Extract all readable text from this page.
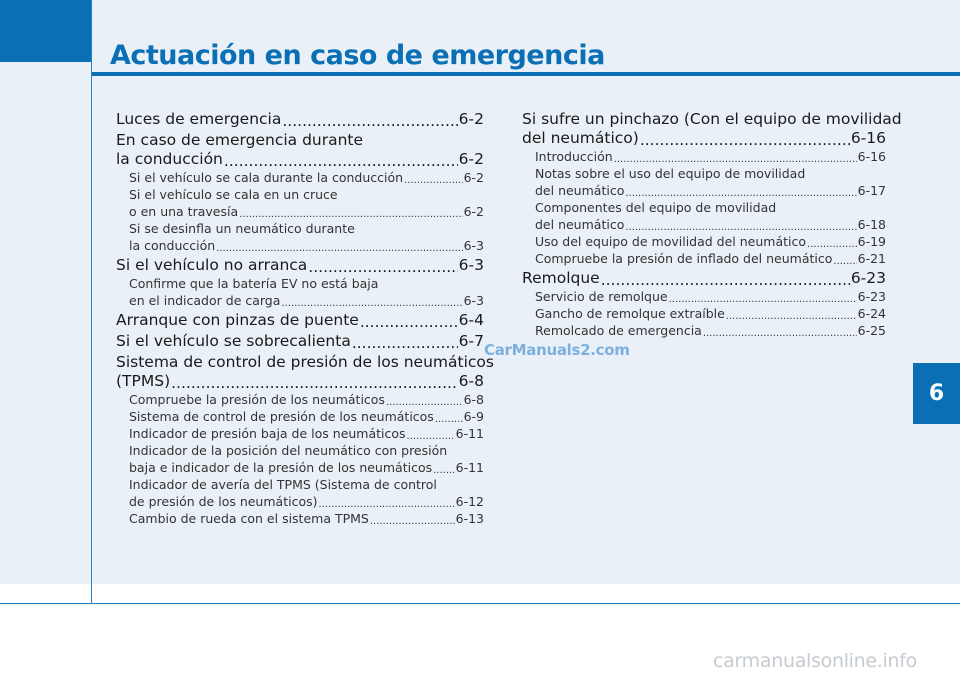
Actuación en caso de emergencia
6
Luces de emergencia .....	6-2
En caso de emergencia durante
la conducción .....	6-2
Si el vehículo se cala durante la conducción .....	6-2
Si el vehículo se cala en un cruce
o en una travesía .....	6-2
Si se desinfla un neumático durante
la conducción .....	6-3
Si el vehículo no arranca .....	6-3
Confirme que la batería EV no está baja
en el indicador de carga .....	6-3
Arranque con pinzas de puente .....	6-4
Si el vehículo se sobrecalienta .....	6-7
Sistema de control de presión de los neumáticos
(TPMS) .....	6-8
Compruebe la presión de los neumáticos .....	6-8
Sistema de control de presión de los neumáticos ..... 6-9
Indicador de presión baja de los neumáticos .....	6-11
Indicador de la posición del neumático con presión
baja e indicador de la presión de los neumáticos ..... 6-11
Indicador de avería del TPMS (Sistema de control
de presión de los neumáticos) .....	6-12
Cambio de rueda con el sistema TPMS .....	6-13
Si sufre un pinchazo (Con el equipo de movilidad
del neumático) .....	6-16
Introducción .....	6-16
Notas sobre el uso del equipo de movilidad
del neumático .....	6-17
Componentes del equipo de movilidad
del neumático .....	6-18
Uso del equipo de movilidad del neumático .....	6-19
Compruebe la presión de inflado del neumático ..... 6-21
Remolque .....	6-23
Servicio de remolque .....	6-23
Gancho de remolque extraíble .....	6-24
Remolcado de emergencia .....	6-25
CarManuals2.com
carmanualsonline.info
